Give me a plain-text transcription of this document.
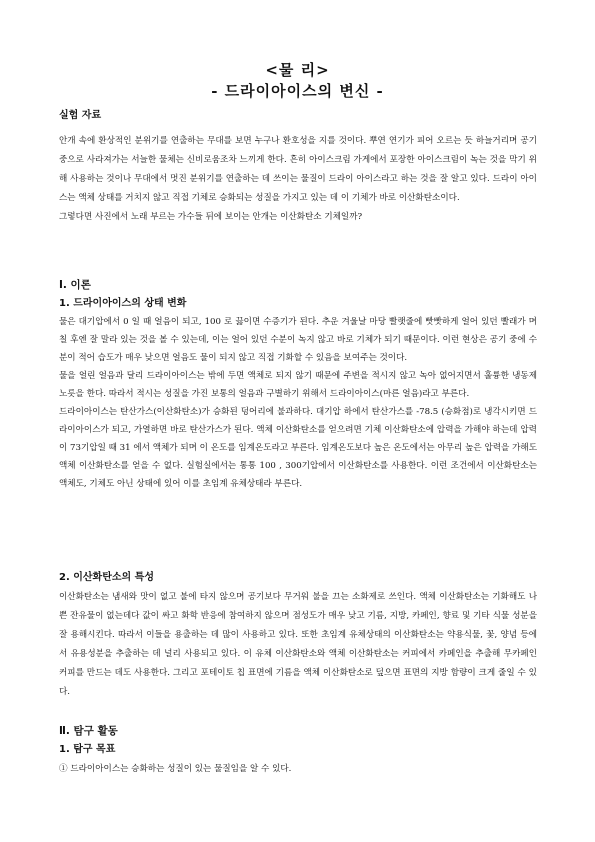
<물 리>
- 드라이아이스의 변신 -
실험 자료

안개 속에 환상적인 분위기를 연출하는 무대를 보면 누구나 환호성을 지를 것이다. 뿌연 연기가 피어 오르는 듯 하늘거리며 공기 중으로 사라져가는 서늘한 물체는 신비로움조차 느끼게 한다. 흔히 아이스크림 가게에서 포장한 아이스크림이 녹는 것을 막기 위해 사용하는 것이나 무대에서 멋진 분위기를 연출하는 데 쓰이는 물질이 드라이 아이스라고 하는 것을 잘 알고 있다. 드라이 아이스는 액체 상태를 거치지 않고 직접 기체로 승화되는 성질을 가지고 있는 데 이 기체가 바로 이산화탄소이다.

그렇다면 사진에서 노래 부르는 가수들 뒤에 보이는 안개는 이산화탄소 기체일까?

Ⅰ. 이론
1. 드라이아이스의 상태 변화

물은 대기압에서 0 일 때 얼음이 되고, 100 로 끓이면 수증기가 된다. 추운 겨울날 마당 빨랫줄에 빳빳하게 얼어 있던 빨래가 며칠 후엔 잘 말라 있는 것을 볼 수 있는데, 이는 얼어 있던 수분이 녹지 않고 바로 기체가 되기 때문이다. 이런 현상은 공기 중에 수분이 적어 습도가 매우 낮으면 얼음도 물이 되지 않고 직접 기화할 수 있음을 보여주는 것이다.

물을 얼린 얼음과 달리 드라이아이스는 밖에 두면 액체로 되지 않기 때문에 주변을 적시지 않고 녹아 없어지면서 훌륭한 냉동제 노릇을 한다. 따라서 적시는 성질을 가진 보통의 얼음과 구별하기 위해서 드라이아이스(마른 얼음)라고 부른다.

드라이아이스는 탄산가스(이산화탄소)가 승화된 덩어리에 불과하다. 대기압 하에서 탄산가스를 -78.5 (승화점)로 냉각시키면 드라이아이스가 되고, 가열하면 바로 탄산가스가 된다. 액체 이산화탄소를 얻으려면 기체 이산화탄소에 압력을 가해야 하는데 압력이 73기압일 때 31 에서 액체가 되며 이 온도를 임계온도라고 부른다. 임계온도보다 높은 온도에서는 아무리 높은 압력을 가해도 액체 이산화탄소를 얻을 수 없다. 실험실에서는 통통 100 , 300기압에서 이산화탄소를 사용한다. 이런 조건에서 이산화탄소는 액체도, 기체도 아닌 상태에 있어 이를 초임계 유체상태라 부른다.

2. 이산화탄소의 특성

이산화탄소는 냄새와 맛이 없고 불에 타지 않으며 공기보다 무거워 불을 끄는 소화제로 쓰인다. 액체 이산화탄소는 기화해도 나쁜 잔유물이 없는데다 값이 싸고 화학 반응에 참여하지 않으며 점성도가 매우 낮고 기름, 지방, 카페인, 향료 및 기타 식물 성분을 잘 용해시킨다. 따라서 이들을 용출하는 데 많이 사용하고 있다. 또한 초임계 유체상태의 이산화탄소는 약용식물, 꽃, 양념 등에서 유용성분을 추출하는 데 널리 사용되고 있다. 이 유체 이산화탄소와 액체 이산화탄소는 커피에서 카페인을 추출해 무카페인 커피를 만드는 데도 사용한다. 그리고 포테이토 칩 표면에 기름을 액체 이산화탄소로 덮으면 표면의 지방 함량이 크게 줄일 수 있다.

Ⅱ. 탐구 활동
1. 탐구 목표

① 드라이아이스는 승화하는 성질이 있는 물질임을 알 수 있다.
